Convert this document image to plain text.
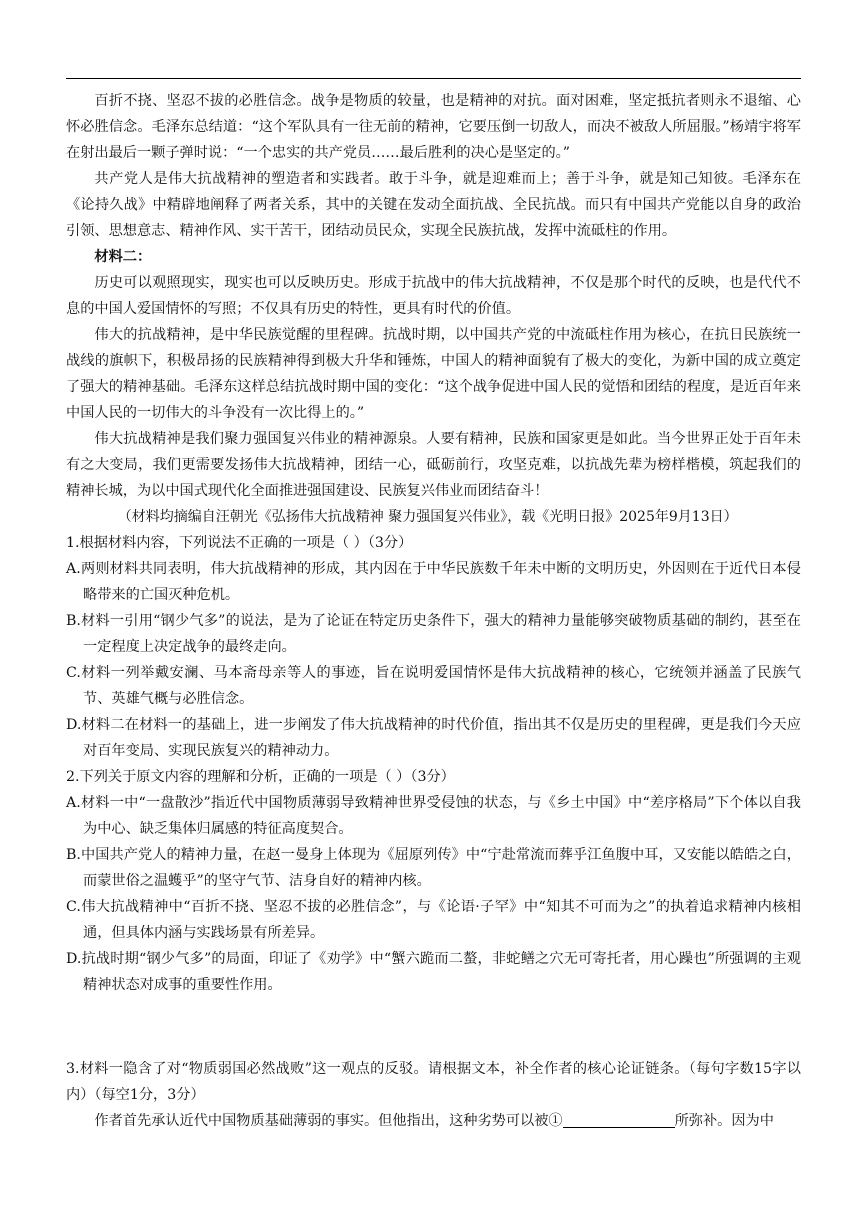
百折不挠、坚忍不拔的必胜信念。战争是物质的较量，也是精神的对抗。面对困难，坚定抵抗者则永不退缩、心怀必胜信念。毛泽东总结道：“这个军队具有一往无前的精神，它要压倒一切敌人，而决不被敌人所屈服。”杨靖宇将军在射出最后一颗子弹时说：“一个忠实的共产党员……最后胜利的决心是坚定的。”

共产党人是伟大抗战精神的塑造者和实践者。敢于斗争，就是迎难而上；善于斗争，就是知己知彼。毛泽东在《论持久战》中精辟地阐释了两者关系，其中的关键在发动全面抗战、全民抗战。而只有中国共产党能以自身的政治引领、思想意志、精神作风、实干苦干，团结动员民众，实现全民族抗战，发挥中流砥柱的作用。

材料二：

历史可以观照现实，现实也可以反映历史。形成于抗战中的伟大抗战精神，不仅是那个时代的反映，也是代代不息的中国人爱国情怀的写照；不仅具有历史的特性，更具有时代的价值。

伟大的抗战精神，是中华民族觉醒的里程碑。抗战时期，以中国共产党的中流砥柱作用为核心，在抗日民族统一战线的旗帜下，积极昂扬的民族精神得到极大升华和锤炼，中国人的精神面貌有了极大的变化，为新中国的成立奠定了强大的精神基础。毛泽东这样总结抗战时期中国的变化：“这个战争促进中国人民的觉悟和团结的程度，是近百年来中国人民的一切伟大的斗争没有一次比得上的。”

伟大抗战精神是我们聚力强国复兴伟业的精神源泉。人要有精神，民族和国家更是如此。当今世界正处于百年未有之大变局，我们更需要发扬伟大抗战精神，团结一心，砥砺前行，攻坚克难，以抗战先辈为榜样楷模，筑起我们的精神长城，为以中国式现代化全面推进强国建设、民族复兴伟业而团结奋斗！

（材料均摘编自汪朝光《弘扬伟大抗战精神 聚力强国复兴伟业》，载《光明日报》2025年9月13日）

1.根据材料内容，下列说法不正确的一项是（ ）（3分）

A.两则材料共同表明，伟大抗战精神的形成，其内因在于中华民族数千年未中断的文明历史，外因则在于近代日本侵略带来的亡国灭种危机。

B.材料一引用“钢少气多”的说法，是为了论证在特定历史条件下，强大的精神力量能够突破物质基础的制约，甚至在一定程度上决定战争的最终走向。

C.材料一列举戴安澜、马本斋母亲等人的事迹，旨在说明爱国情怀是伟大抗战精神的核心，它统领并涵盖了民族气节、英雄气概与必胜信念。

D.材料二在材料一的基础上，进一步阐发了伟大抗战精神的时代价值，指出其不仅是历史的里程碑，更是我们今天应对百年变局、实现民族复兴的精神动力。

2.下列关于原文内容的理解和分析，正确的一项是（ ）（3分）

A.材料一中“一盘散沙”指近代中国物质薄弱导致精神世界受侵蚀的状态，与《乡土中国》中“差序格局”下个体以自我为中心、缺乏集体归属感的特征高度契合。

B.中国共产党人的精神力量，在赵一曼身上体现为《屈原列传》中“宁赴常流而葬乎江鱼腹中耳，又安能以皓皓之白，而蒙世俗之温蠖乎”的坚守气节、洁身自好的精神内核。

C.伟大抗战精神中“百折不挠、坚忍不拔的必胜信念”，与《论语·子罕》中“知其不可而为之”的执着追求精神内核相通，但具体内涵与实践场景有所差异。

D.抗战时期“钢少气多”的局面，印证了《劝学》中“蟹六跪而二螯，非蛇鳝之穴无可寄托者，用心躁也”所强调的主观精神状态对成事的重要性作用。

3.材料一隐含了对“物质弱国必然战败”这一观点的反驳。请根据文本，补全作者的核心论证链条。（每句字数15字以内）（每空1分，3分）

作者首先承认近代中国物质基础薄弱的事实。但他指出，这种劣势可以被①	所弥补。因为中
